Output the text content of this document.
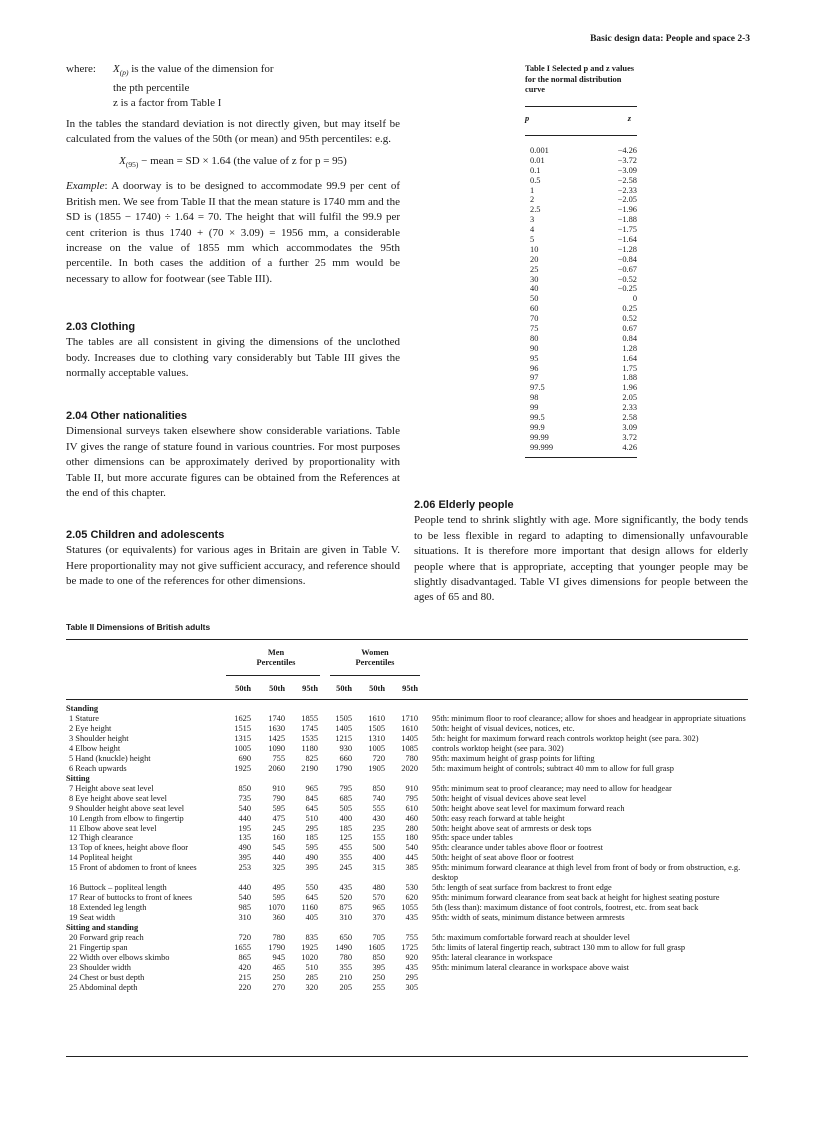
Basic design data: People and space 2-3
where: $X_{(p)}$ is the value of the dimension for
the pth percentile
z is a factor from Table I

In the tables the standard deviation is not directly given, but may itself be calculated from the values of the 50th (or mean) and 95th percentiles: e.g.

$X_{(95)}$ − mean = SD × 1.64 (the value of z for p = 95)

Example: A doorway is to be designed to accommodate 99.9 per cent of British men. We see from Table II that the mean stature is 1740 mm and the SD is (1855 − 1740) ÷ 1.64 = 70. The height that will fulfil the 99.9 per cent criterion is thus 1740 + (70 × 3.09) = 1956 mm, a considerable increase on the value of 1855 mm which accommodates the 95th percentile. In both cases the addition of a further 25 mm would be necessary to allow for footwear (see Table III).

2.03 Clothing

The tables are all consistent in giving the dimensions of the unclothed body. Increases due to clothing vary considerably but Table III gives the normally acceptable values.

2.04 Other nationalities

Dimensional surveys taken elsewhere show considerable variations. Table IV gives the range of stature found in various countries. For most purposes other dimensions can be approximately derived by proportionality with Table II, but more accurate figures can be obtained from the References at the end of this chapter.

2.05 Children and adolescents

Statures (or equivalents) for various ages in Britain are given in Table V. Here proportionality may not give sufficient accuracy, and reference should be made to one of the references for other dimensions.

Table I Selected p and z values for the normal distribution curve
p	z
0.001	−4.26
0.01	−3.72
0.1	−3.09
0.5	−2.58
1	−2.33
2	−2.05
2.5	−1.96
3	−1.88
4	−1.75
5	−1.64
10	−1.28
20	−0.84
25	−0.67
30	−0.52
40	−0.25
50	0
60	0.25
70	0.52
75	0.67
80	0.84
90	1.28
95	1.64
96	1.75
97	1.88
97.5	1.96
98	2.05
99	2.33
99.5	2.58
99.9	3.09
99.99	3.72
99.999	4.26
2.06 Elderly people

People tend to shrink slightly with age. More significantly, the body tends to be less flexible in regard to adapting to dimensionally unfavourable situations. It is therefore more important that design allows for elderly people where that is appropriate, accepting that younger people may be slightly disadvantaged. Table VI gives dimensions for people between the ages of 65 and 80.

Table II Dimensions of British adults
Men
Percentiles
Women
Percentiles
50th	50th	95th	50th	50th	95th
Standing
1 Stature	1625	1740	1855	1505	1610	1710 95th: minimum floor to roof clearance; allow for shoes and headgear in appropriate situations
2 Eye height	1515	1630	1745	1405	1505	1610 50th: height of visual devices, notices, etc.
3 Shoulder height	1315	1425	1535	1215	1310	1405 5th: height for maximum forward reach controls worktop height (see para. 302)
4 Elbow height	1005	1090	1180	930	1005	1085 controls worktop height (see para. 302)
5 Hand (knuckle) height	690	755	825	660	720	780 95th: maximum height of grasp points for lifting
6 Reach upwards	1925	2060	2190	1790	1905	2020 5th: maximum height of controls; subtract 40 mm to allow for full grasp
Sitting
7 Height above seat level	850	910	965	795	850	910 95th: minimum seat to proof clearance; may need to allow for headgear
8 Eye height above seat level	735	790	845	685	740	795 50th: height of visual devices above seat level
9 Shoulder height above seat level	540	595	645	505	555	610 50th: height above seat level for maximum forward reach
10 Length from elbow to fingertip	440	475	510	400	430	460 50th: easy reach forward at table height
11 Elbow above seat level	195	245	295	185	235	280 50th: height above seat of armrests or desk tops
12 Thigh clearance	135	160	185	125	155	180 95th: space under tables
13 Top of knees, height above floor	490	545	595	455	500	540 95th: clearance under tables above floor or footrest
14 Popliteal height	395	440	490	355	400	445 50th: height of seat above floor or footrest
15 Front of abdomen to front of knees	253	325	395	245	315	385 95th: minimum forward clearance at thigh level from front of body or from obstruction, e.g. desktop
16 Buttock – popliteal length	440	495	550	435	480	530 5th: length of seat surface from backrest to front edge
17 Rear of buttocks to front of knees	540	595	645	520	570	620 95th: minimum forward clearance from seat back at height for highest seating posture
18 Extended leg length	985	1070	1160	875	965	1055 5th (less than): maximum distance of foot controls, footrest, etc. from seat back
19 Seat width	310	360	405	310	370	435 95th: width of seats, minimum distance between armrests
Sitting and standing
20 Forward grip reach	720	780	835	650	705	755 5th: maximum comfortable forward reach at shoulder level
21 Fingertip span	1655	1790	1925	1490	1605	1725 5th: limits of lateral fingertip reach, subtract 130 mm to allow for full grasp
22 Width over elbows skimbo	865	945	1020	780	850	920 95th: lateral clearance in workspace
23 Shoulder width	420	465	510	355	395	435 95th: minimum lateral clearance in workspace above waist
24 Chest or bust depth	215	250	285	210	250	295
25 Abdominal depth	220	270	320	205	255	305
